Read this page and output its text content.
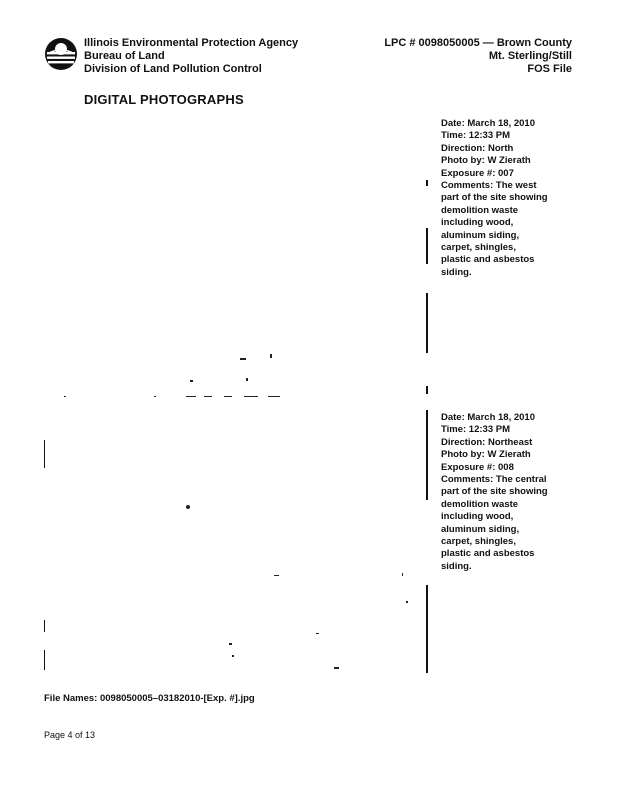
Illinois Environmental Protection Agency
Bureau of Land
Division of Land Pollution Control
LPC # 0098050005 — Brown County
Mt. Sterling/Still
FOS File
DIGITAL PHOTOGRAPHS
Date: March 18, 2010
Time: 12:33 PM
Direction: North
Photo by: W Zierath
Exposure #: 007
Comments: The west
part of the site showing
demolition waste
including wood,
aluminum siding,
carpet, shingles,
plastic and asbestos
siding.
Date: March 18, 2010
Time: 12:33 PM
Direction: Northeast
Photo by: W Zierath
Exposure #: 008
Comments: The central
part of the site showing
demolition waste
including wood,
aluminum siding,
carpet, shingles,
plastic and asbestos
siding.
File Names: 0098050005–03182010-[Exp. #].jpg
Page 4 of 13
